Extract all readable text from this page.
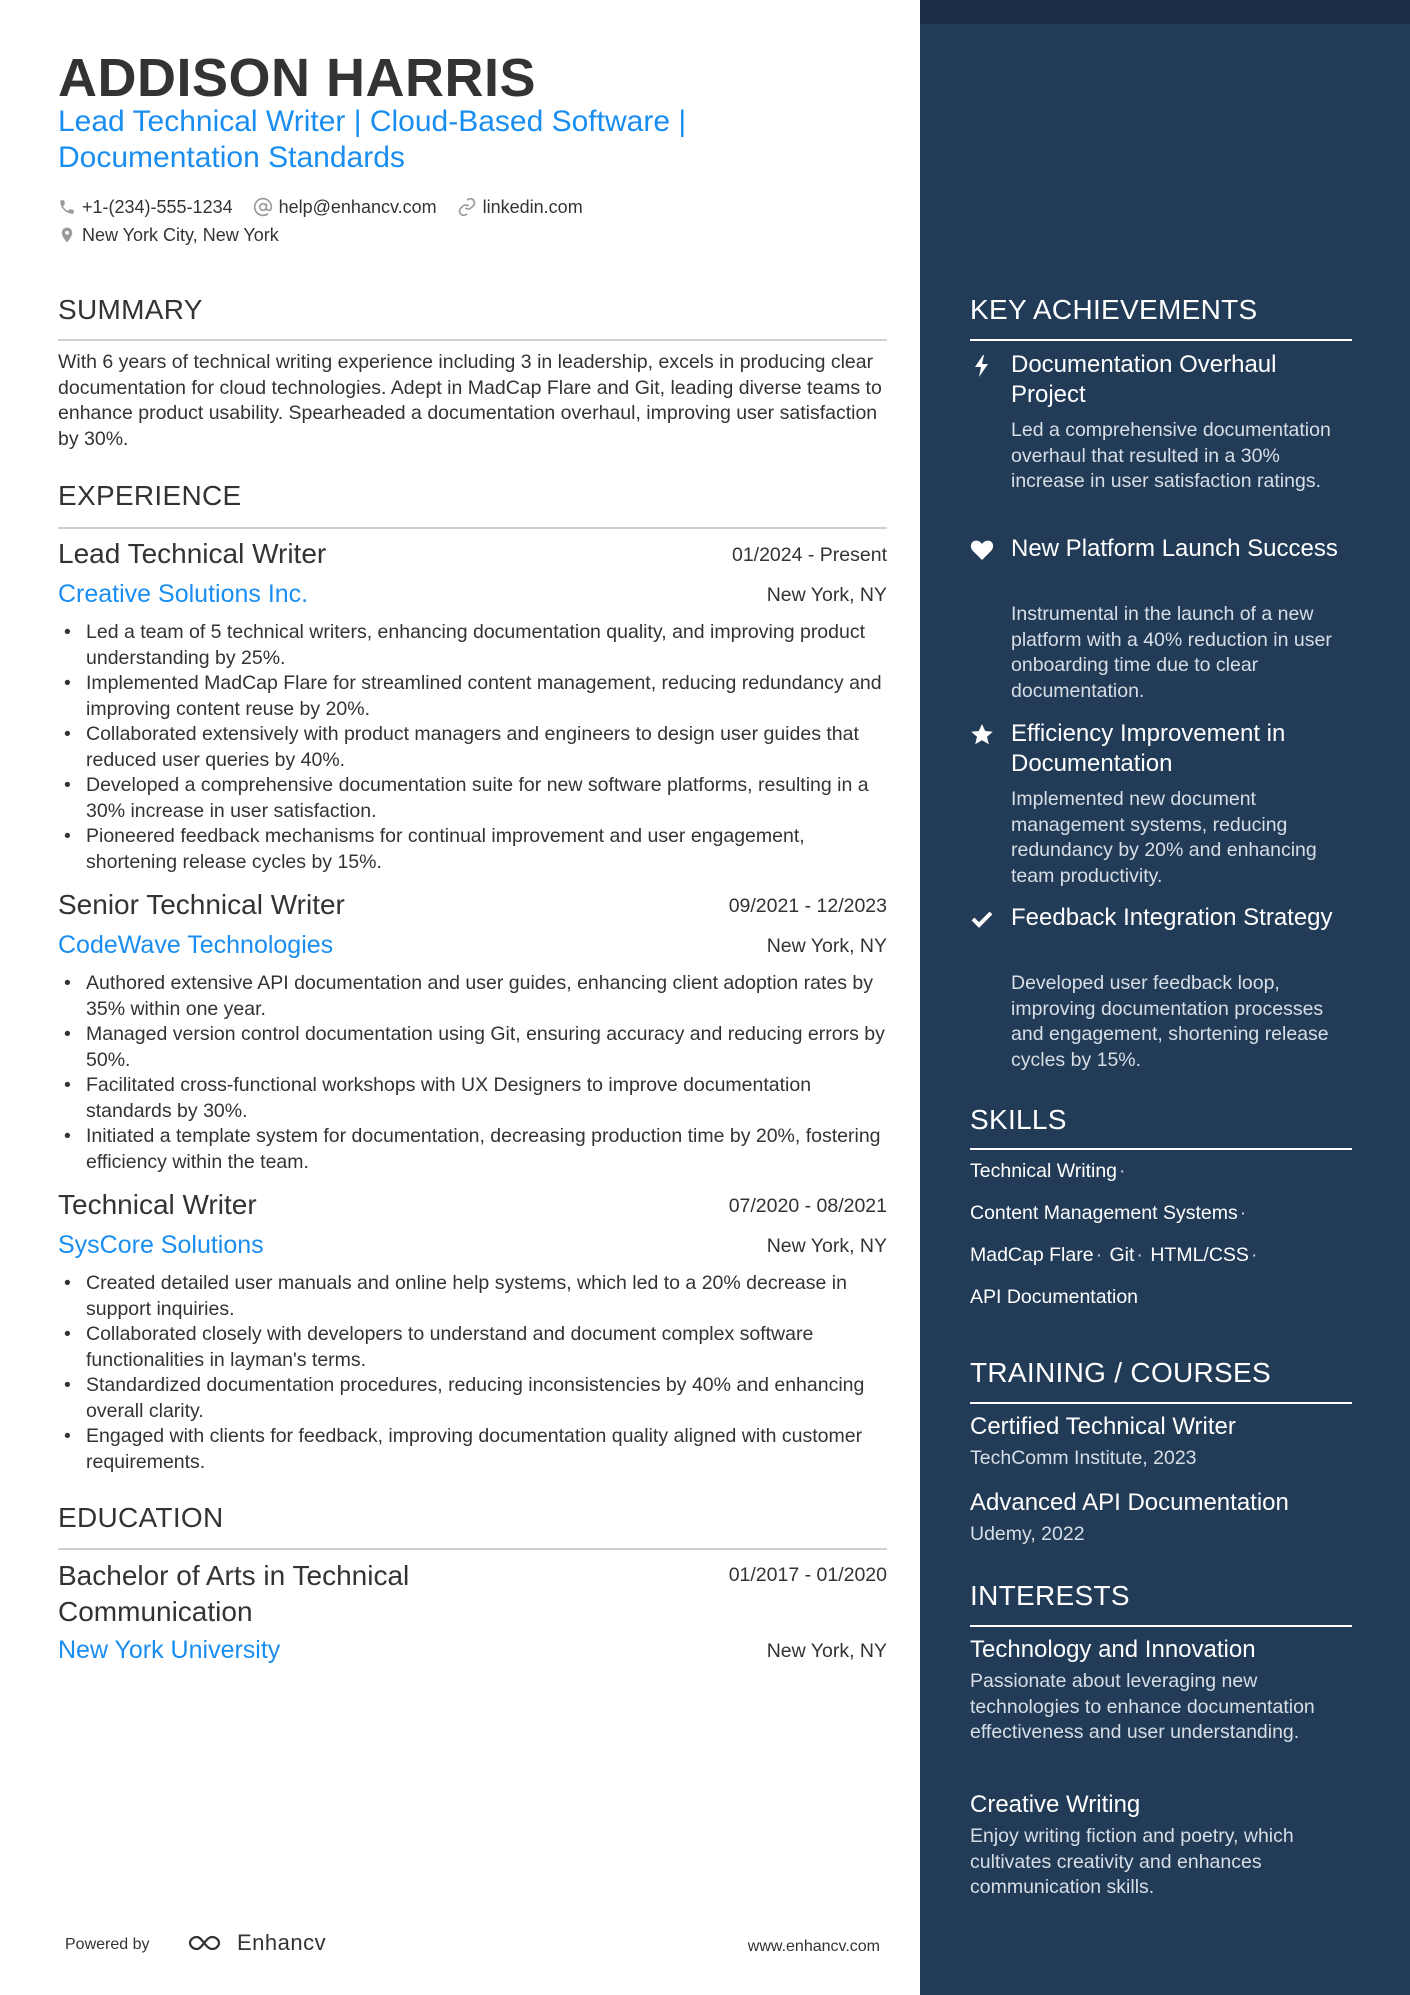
ADDISON HARRIS
Lead Technical Writer | Cloud-Based Software |
Documentation Standards
+1-(234)-555-1234	help@enhancv.com	linkedin.com
New York City, New York
SUMMARY
With 6 years of technical writing experience including 3 in leadership, excels in producing clear documentation for cloud technologies. Adept in MadCap Flare and Git, leading diverse teams to enhance product usability. Spearheaded a documentation overhaul, improving user satisfaction by 30%.
EXPERIENCE
Lead Technical Writer	01/2024 - Present
Creative Solutions Inc.	New York, NY
• Led a team of 5 technical writers, enhancing documentation quality, and improving product understanding by 25%.
• Implemented MadCap Flare for streamlined content management, reducing redundancy and improving content reuse by 20%.
• Collaborated extensively with product managers and engineers to design user guides that reduced user queries by 40%.
• Developed a comprehensive documentation suite for new software platforms, resulting in a 30% increase in user satisfaction.
• Pioneered feedback mechanisms for continual improvement and user engagement, shortening release cycles by 15%.
Senior Technical Writer	09/2021 - 12/2023
CodeWave Technologies	New York, NY
• Authored extensive API documentation and user guides, enhancing client adoption rates by 35% within one year.
• Managed version control documentation using Git, ensuring accuracy and reducing errors by 50%.
• Facilitated cross-functional workshops with UX Designers to improve documentation standards by 30%.
• Initiated a template system for documentation, decreasing production time by 20%, fostering efficiency within the team.
Technical Writer	07/2020 - 08/2021
SysCore Solutions	New York, NY
• Created detailed user manuals and online help systems, which led to a 20% decrease in support inquiries.
• Collaborated closely with developers to understand and document complex software functionalities in layman's terms.
• Standardized documentation procedures, reducing inconsistencies by 40% and enhancing overall clarity.
• Engaged with clients for feedback, improving documentation quality aligned with customer requirements.
EDUCATION
Bachelor of Arts in Technical Communication
01/2017 - 01/2020
New York University	New York, NY
Powered by	Enhancv	www.enhancv.com
KEY ACHIEVEMENTS
Documentation Overhaul Project
Led a comprehensive documentation overhaul that resulted in a 30% increase in user satisfaction ratings.
New Platform Launch Success
Instrumental in the launch of a new platform with a 40% reduction in user onboarding time due to clear documentation.
Efficiency Improvement in Documentation
Implemented new document management systems, reducing redundancy by 20% and enhancing team productivity.
Feedback Integration Strategy
Developed user feedback loop, improving documentation processes and engagement, shortening release cycles by 15%.
SKILLS
Technical Writing ·
Content Management Systems ·
MadCap Flare · Git · HTML/CSS ·
API Documentation
TRAINING / COURSES
Certified Technical Writer
TechComm Institute, 2023
Advanced API Documentation
Udemy, 2022
INTERESTS
Technology and Innovation
Passionate about leveraging new technologies to enhance documentation effectiveness and user understanding.
Creative Writing
Enjoy writing fiction and poetry, which cultivates creativity and enhances communication skills.
